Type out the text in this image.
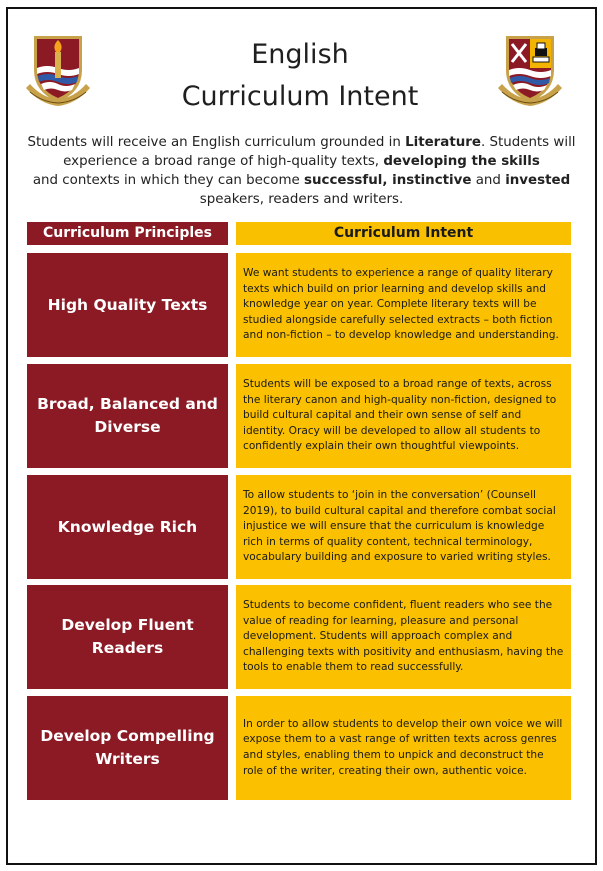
English
Curriculum Intent
Students will receive an English curriculum grounded in Literature. Students will experience a broad range of high-quality texts, developing the skills
and contexts in which they can become successful, instinctive and invested speakers, readers and writers.
Curriculum Principles	Curriculum Intent
High Quality Texts
We want students to experience a range of quality literary texts which build on prior learning and develop skills and knowledge year on year. Complete literary texts will be studied alongside carefully selected extracts – both fiction and non-fiction – to develop knowledge and understanding.
Broad, Balanced and Diverse
Students will be exposed to a broad range of texts, across the literary canon and high-quality non-fiction, designed to build cultural capital and their own sense of self and identity. Oracy will be developed to allow all students to confidently explain their own thoughtful viewpoints.
Knowledge Rich
To allow students to ‘join in the conversation’ (Counsell 2019), to build cultural capital and therefore combat social injustice we will ensure that the curriculum is knowledge rich in terms of quality content, technical terminology, vocabulary building and exposure to varied writing styles.
Develop Fluent Readers
Students to become confident, fluent readers who see the value of reading for learning, pleasure and personal development. Students will approach complex and challenging texts with positivity and enthusiasm, having the tools to enable them to read successfully.
Develop Compelling Writers
In order to allow students to develop their own voice we will expose them to a vast range of written texts across genres and styles, enabling them to unpick and deconstruct the role of the writer, creating their own, authentic voice.
